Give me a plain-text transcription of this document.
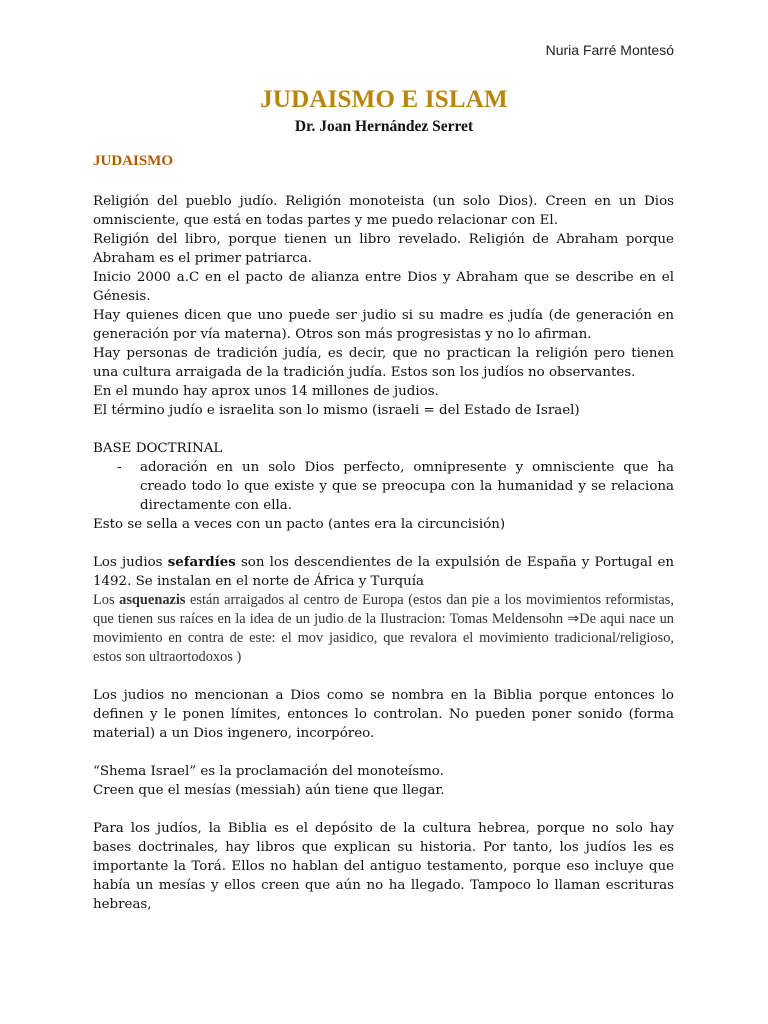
Nuria Farré Montesó
JUDAISMO E ISLAM
Dr. Joan Hernández Serret
JUDAISMO

Religión del pueblo judío. Religión monoteista (un solo Dios). Creen en un Dios omnisciente, que está en todas partes y me puedo relacionar con El.

Religión del libro, porque tienen un libro revelado. Religión de Abraham porque Abraham es el primer patriarca.

Inicio 2000 a.C en el pacto de alianza entre Dios y Abraham que se describe en el Génesis.

Hay quienes dicen que uno puede ser judio si su madre es judía (de generación en generación por vía materna). Otros son más progresistas y no lo afirman.

Hay personas de tradición judía, es decir, que no practican la religión pero tienen una cultura arraigada de la tradición judía. Estos son los judíos no observantes.

En el mundo hay aprox unos 14 millones de judios.

El término judío e israelita son lo mismo (israeli = del Estado de Israel)

BASE DOCTRINAL

- adoración en un solo Dios perfecto, omnipresente y omnisciente que ha creado todo lo que existe y que se preocupa con la humanidad y se relaciona directamente con ella.

Esto se sella a veces con un pacto (antes era la circuncisión)

Los judios sefardíes son los descendientes de la expulsión de España y Portugal en 1492. Se instalan en el norte de África y Turquía

Los asquenazis están arraigados al centro de Europa (estos dan pie a los movimientos reformistas, que tienen sus raíces en la idea de un judio de la Ilustracion: Tomas Meldensohn ⇒De aqui nace un movimiento en contra de este: el mov jasidico, que revalora el movimiento tradicional/religioso, estos son ultraortodoxos )

Los judios no mencionan a Dios como se nombra en la Biblia porque entonces lo definen y le ponen límites, entonces lo controlan. No pueden poner sonido (forma material) a un Dios ingenero, incorpóreo.

“Shema Israel” es la proclamación del monoteísmo.

Creen que el mesías (messiah) aún tiene que llegar.

Para los judíos, la Biblia es el depósito de la cultura hebrea, porque no solo hay bases doctrinales, hay libros que explican su historia. Por tanto, los judíos les es importante la Torá. Ellos no hablan del antiguo testamento, porque eso incluye que había un mesías y ellos creen que aún no ha llegado. Tampoco lo llaman escrituras hebreas,
